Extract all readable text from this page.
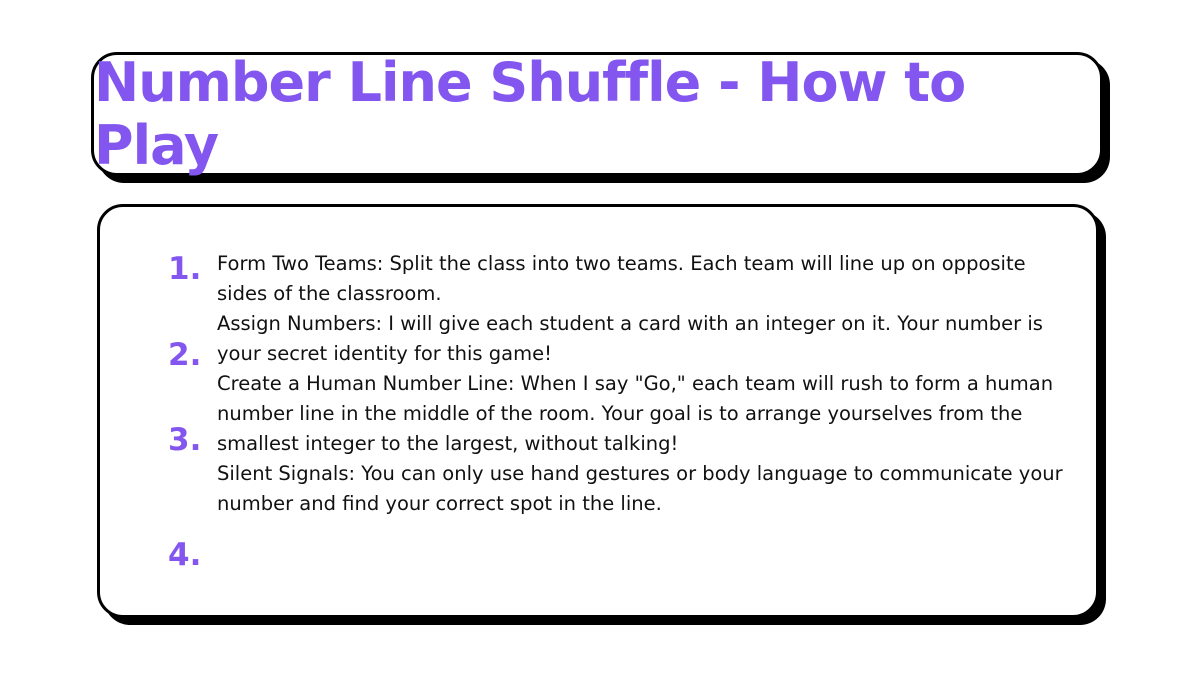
Number Line Shuffle - How to Play
1.
2.
3.
4.

Form Two Teams: Split the class into two teams. Each team will line up on opposite sides of the classroom.

Assign Numbers: I will give each student a card with an integer on it. Your number is your secret identity for this game!

Create a Human Number Line: When I say "Go," each team will rush to form a human number line in the middle of the room. Your goal is to arrange yourselves from the smallest integer to the largest, without talking!

Silent Signals: You can only use hand gestures or body language to communicate your number and find your correct spot in the line.
